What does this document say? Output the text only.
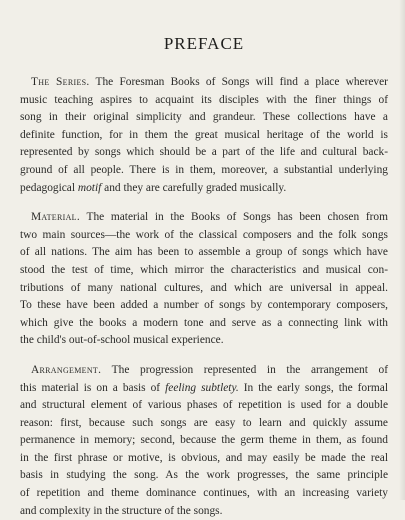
PREFACE
The Series. The Foresman Books of Songs will find a place wherever
music teaching aspires to acquaint its disciples with the finer things of
song in their original simplicity and grandeur. These collections have a
definite function, for in them the great musical heritage of the world is
represented by songs which should be a part of the life and cultural back-
ground of all people. There is in them, moreover, a substantial underlying
pedagogical motif and they are carefully graded musically.
Material. The material in the Books of Songs has been chosen from
two main sources—the work of the classical composers and the folk songs
of all nations. The aim has been to assemble a group of songs which have
stood the test of time, which mirror the characteristics and musical con-
tributions of many national cultures, and which are universal in appeal.
To these have been added a number of songs by contemporary composers,
which give the books a modern tone and serve as a connecting link with
the child's out-of-school musical experience.
Arrangement. The progression represented in the arrangement of
this material is on a basis of feeling subtlety. In the early songs, the formal
and structural element of various phases of repetition is used for a double
reason: first, because such songs are easy to learn and quickly assume
permanence in memory; second, because the germ theme in them, as found
in the first phrase or motive, is obvious, and may easily be made the real
basis in studying the song. As the work progresses, the same principle
of repetition and theme dominance continues, with an increasing variety
and complexity in the structure of the songs.
